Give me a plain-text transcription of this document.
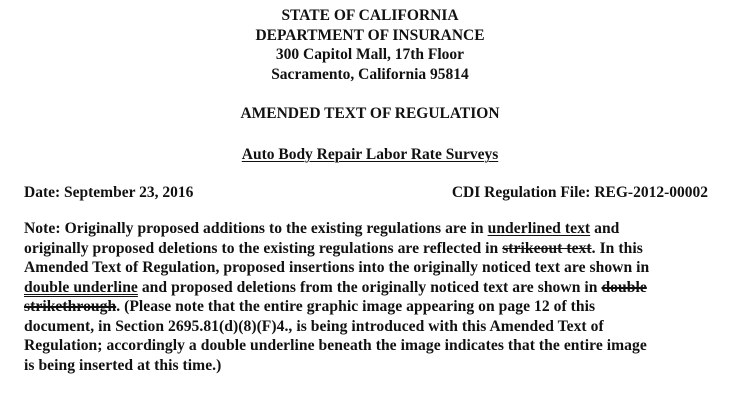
STATE OF CALIFORNIA
DEPARTMENT OF INSURANCE
300 Capitol Mall, 17th Floor
Sacramento, California 95814
AMENDED TEXT OF REGULATION
Auto Body Repair Labor Rate Surveys
Date: September 23, 2016	CDI Regulation File: REG-2012-00002
Note: Originally proposed additions to the existing regulations are in underlined text and
originally proposed deletions to the existing regulations are reflected in strikeout text. In this
Amended Text of Regulation, proposed insertions into the originally noticed text are shown in
double underline and proposed deletions from the originally noticed text are shown in double
strikethrough. (Please note that the entire graphic image appearing on page 12 of this
document, in Section 2695.81(d)(8)(F)4., is being introduced with this Amended Text of
Regulation; accordingly a double underline beneath the image indicates that the entire image
is being inserted at this time.)
